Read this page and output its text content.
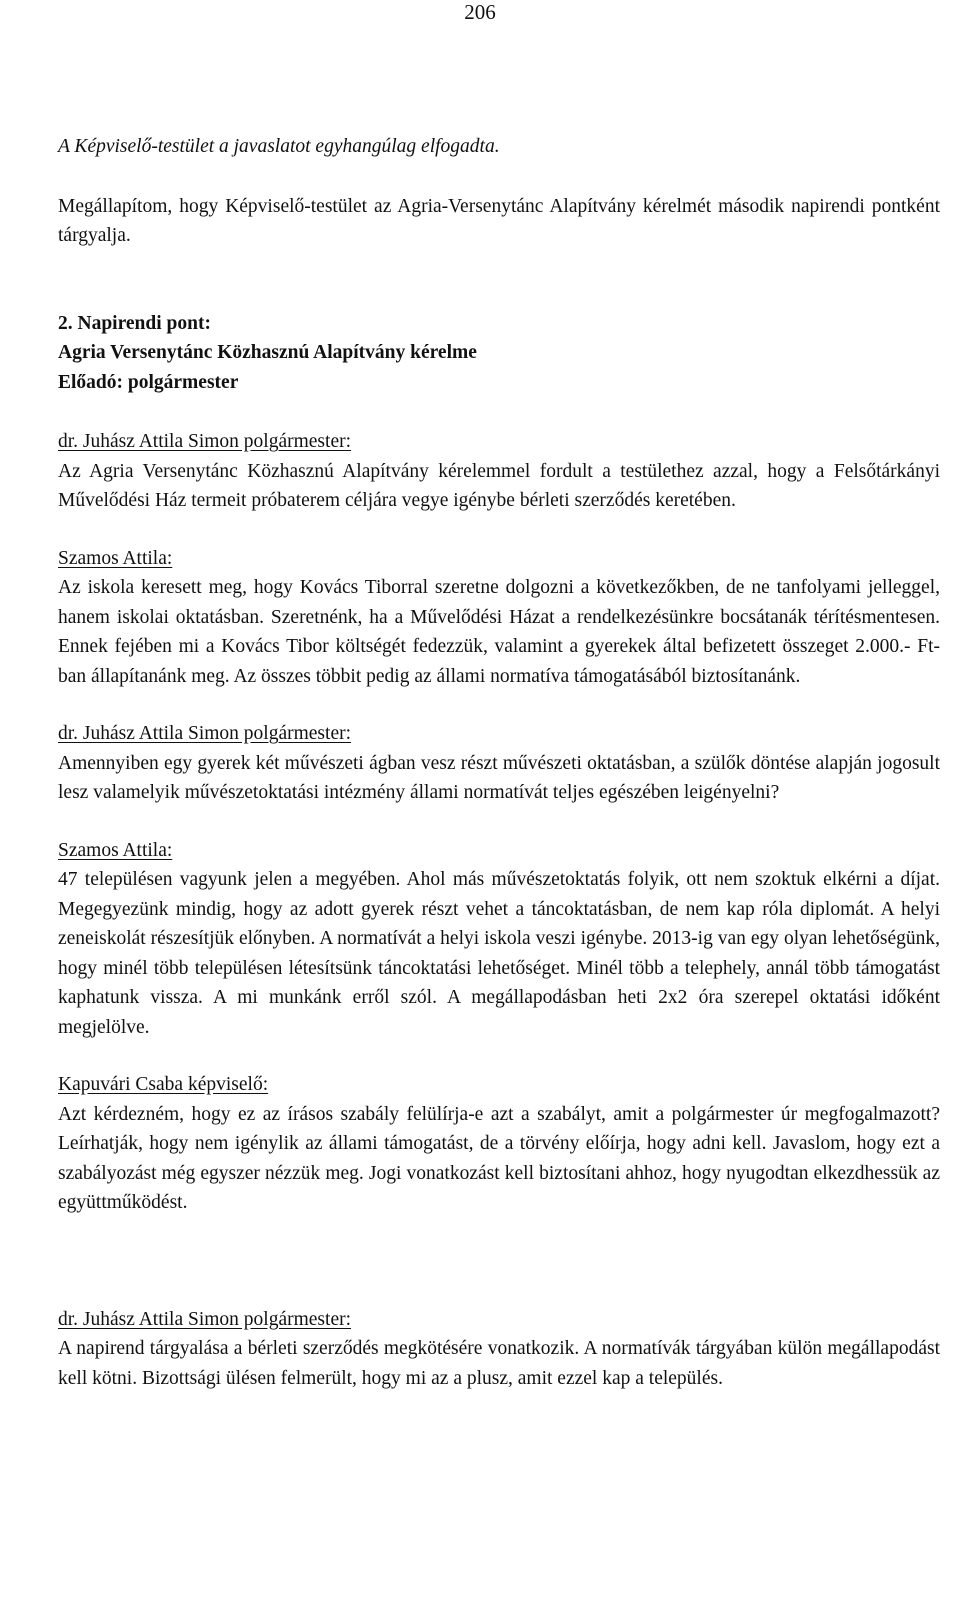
206

A Képviselő-testület a javaslatot egyhangúlag elfogadta.

Megállapítom, hogy Képviselő-testület az Agria-Versenytánc Alapítvány kérelmét második napirendi pontként tárgyalja.

2. Napirendi pont:

Agria Versenytánc Közhasznú Alapítvány kérelme

Előadó: polgármester

dr. Juhász Attila Simon polgármester:

Az Agria Versenytánc Közhasznú Alapítvány kérelemmel fordult a testülethez azzal, hogy a Felsőtárkányi Művelődési Ház termeit próbaterem céljára vegye igénybe bérleti szerződés keretében.

Szamos Attila:

Az iskola keresett meg, hogy Kovács Tiborral szeretne dolgozni a következőkben, de ne tanfolyami jelleggel, hanem iskolai oktatásban. Szeretnénk, ha a Művelődési Házat a rendelkezésünkre bocsátanák térítésmentesen. Ennek fejében mi a Kovács Tibor költségét fedezzük, valamint a gyerekek által befizetett összeget 2.000.- Ft-ban állapítanánk meg. Az összes többit pedig az állami normatíva támogatásából biztosítanánk.

dr. Juhász Attila Simon polgármester:

Amennyiben egy gyerek két művészeti ágban vesz részt művészeti oktatásban, a szülők döntése alapján jogosult lesz valamelyik művészetoktatási intézmény állami normatívát teljes egészében leigényelni?

Szamos Attila:

47 településen vagyunk jelen a megyében. Ahol más művészetoktatás folyik, ott nem szoktuk elkérni a díjat. Megegyezünk mindig, hogy az adott gyerek részt vehet a táncoktatásban, de nem kap róla diplomát. A helyi zeneiskolát részesítjük előnyben. A normatívát a helyi iskola veszi igénybe. 2013-ig van egy olyan lehetőségünk, hogy minél több településen létesítsünk táncoktatási lehetőséget. Minél több a telephely, annál több támogatást kaphatunk vissza. A mi munkánk erről szól. A megállapodásban heti 2x2 óra szerepel oktatási időként megjelölve.

Kapuvári Csaba képviselő:

Azt kérdezném, hogy ez az írásos szabály felülírja-e azt a szabályt, amit a polgármester úr megfogalmazott? Leírhatják, hogy nem igénylik az állami támogatást, de a törvény előírja, hogy adni kell. Javaslom, hogy ezt a szabályozást még egyszer nézzük meg. Jogi vonatkozást kell biztosítani ahhoz, hogy nyugodtan elkezdhessük az együttműködést.

dr. Juhász Attila Simon polgármester:

A napirend tárgyalása a bérleti szerződés megkötésére vonatkozik. A normatívák tárgyában külön megállapodást kell kötni. Bizottsági ülésen felmerült, hogy mi az a plusz, amit ezzel kap a település.
